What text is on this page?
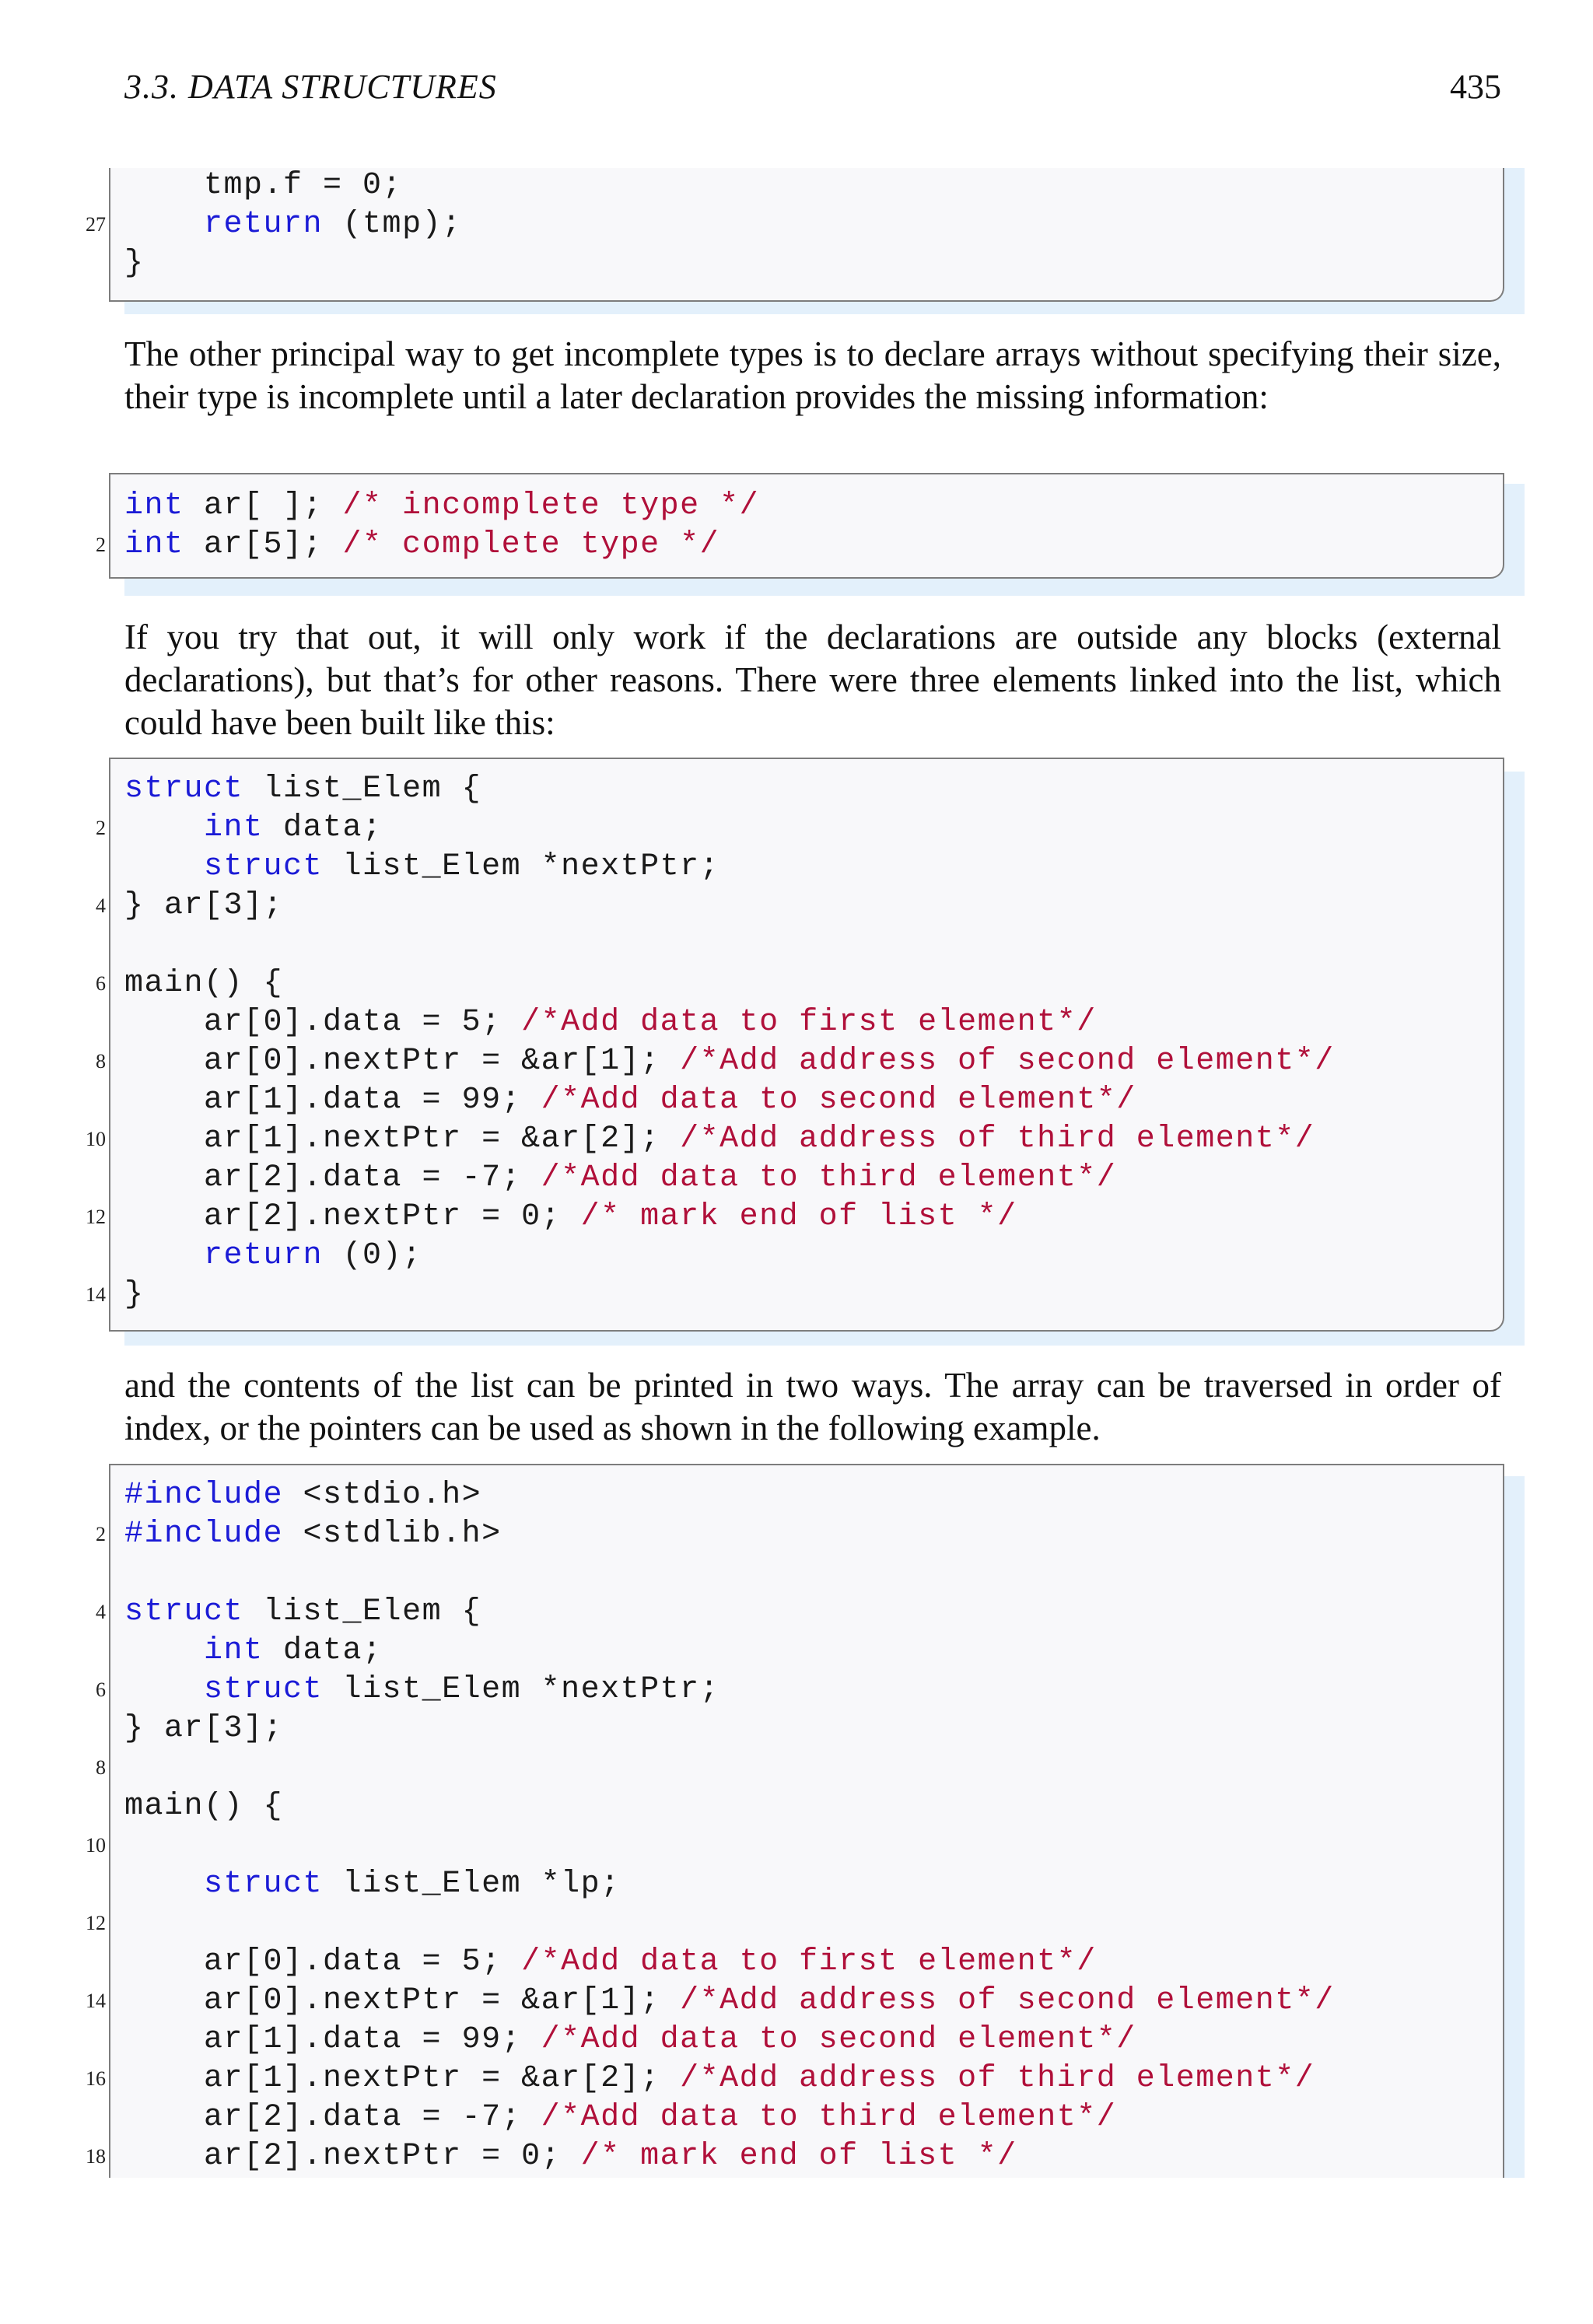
3.3. DATA STRUCTURES	435
tmp.f = 0;
27	return (tmp);
}

The other principal way to get incomplete types is to declare arrays without specifying their size, their type is incomplete until a later declaration provides the missing information:

int ar[ ]; /* incomplete type */
2 int ar[5]; /* complete type */

If you try that out, it will only work if the declarations are outside any blocks (external declarations), but that’s for other reasons. There were three elements linked into the list, which could have been built like this:

struct list_Elem {
2	int data;
struct list_Elem *nextPtr;
4 } ar[3];
6 main() {
ar[0].data = 5; /*Add data to first element*/
8 ar[0].nextPtr = &ar[1]; /*Add address of second element*/
ar[1].data = 99; /*Add data to second element*/
10 ar[1].nextPtr = &ar[2]; /*Add address of third element*/
ar[2].data = -7; /*Add data to third element*/
12 ar[2].nextPtr = 0; /* mark end of list */
return (0);
14 }

and the contents of the list can be printed in two ways. The array can be traversed in order of index, or the pointers can be used as shown in the following example.

#include <stdio.h>
2 #include <stdlib.h>
4 struct list_Elem {
int data;
6	struct list_Elem *nextPtr;
} ar[3];
8
main() {
10
struct list_Elem *lp;
12
ar[0].data = 5; /*Add data to first element*/
14 ar[0].nextPtr = &ar[1]; /*Add address of second element*/
ar[1].data = 99; /*Add data to second element*/
16 ar[1].nextPtr = &ar[2]; /*Add address of third element*/
ar[2].data = -7; /*Add data to third element*/
18 ar[2].nextPtr = 0; /* mark end of list */
